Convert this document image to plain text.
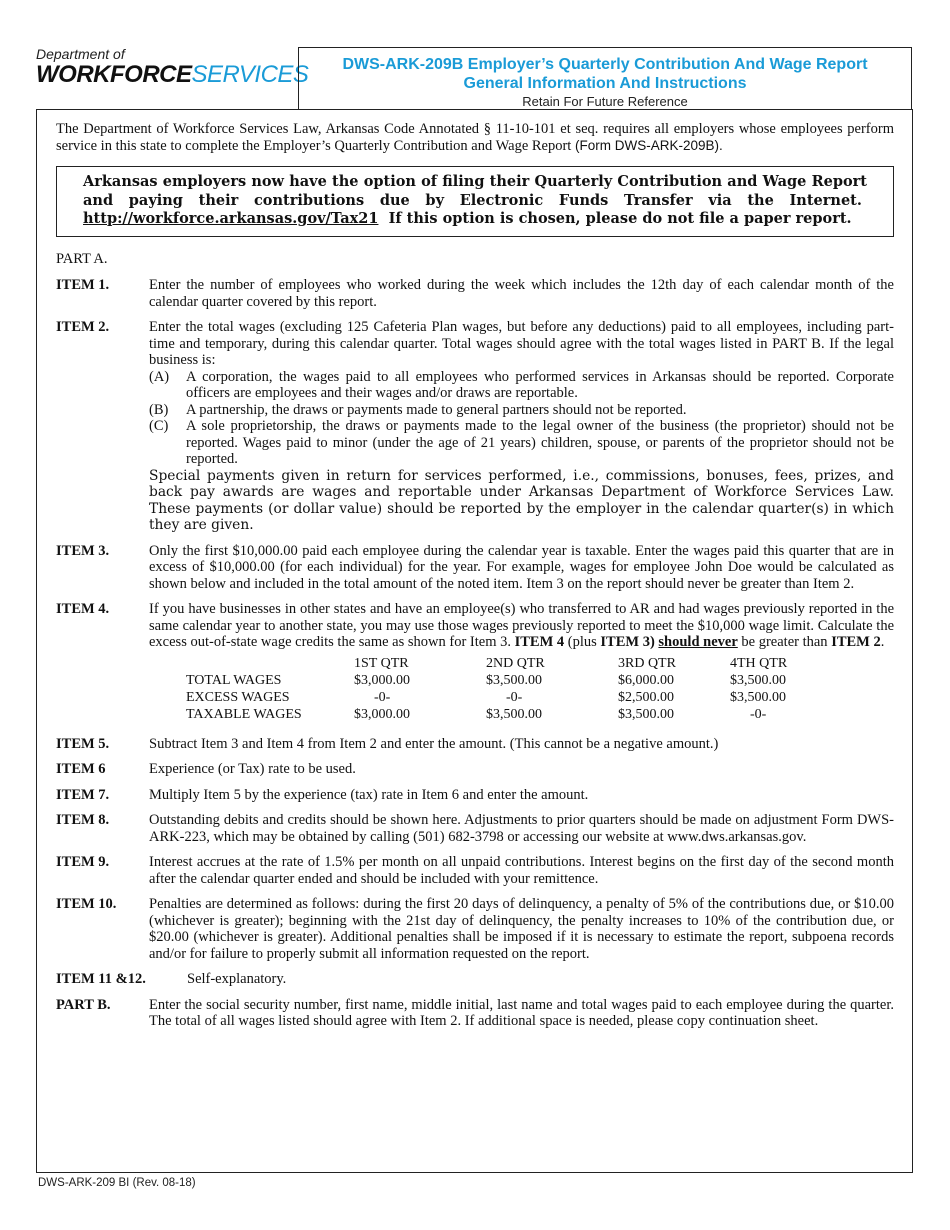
Department of
WORKFORCESERVICES	DWS-ARK-209B Employer’s Quarterly Contribution And Wage Report
General Information And Instructions
Retain For Future Reference

The Department of Workforce Services Law, Arkansas Code Annotated § 11-10-101 et seq. requires all employers whose employees perform service in this state to complete the Employer’s Quarterly Contribution and Wage Report (Form DWS-ARK-209B).

Arkansas employers now have the option of filing their Quarterly Contribution and Wage Report and paying their contributions due by Electronic Funds Transfer via the Internet.  http://workforce.arkansas.gov/Tax21 If this option is chosen, please do not file a paper report.
PART A.
ITEM 1.	Enter the number of employees who worked during the week which includes the 12th day of each calendar month of the calendar quarter covered by this report.
ITEM 2.	Enter the total wages (excluding 125 Cafeteria Plan wages, but before any deductions) paid to all employees, including part-time and temporary, during this calendar quarter. Total wages should agree with the total wages listed in PART B. If the legal business is:
(A)	A corporation, the wages paid to all employees who performed services in Arkansas should be reported. Corporate officers are employees and their wages and/or draws are reportable.
(B)	A partnership, the draws or payments made to general partners should not be reported.
(C)	A sole proprietorship, the draws or payments made to the legal owner of the business (the proprietor) should not be reported. Wages paid to minor (under the age of 21 years) children, spouse, or parents of the proprietor should not be reported.
Special payments given in return for services performed, i.e., commissions, bonuses, fees, prizes, and back pay awards are wages and reportable under Arkansas Department of Workforce Services Law. These payments (or dollar value) should be reported by the employer in the calendar quarter(s) in which they are given.
ITEM 3.	Only the first $10,000.00 paid each employee during the calendar year is taxable. Enter the wages paid this quarter that are in excess of $10,000.00 (for each individual) for the year. For example, wages for employee John Doe would be calculated as shown below and included in the total amount of the noted item. Item 3 on the report should never be greater than Item 2.
ITEM 4.	If you have businesses in other states and have an employee(s) who transferred to AR and had wages previously reported in the same calendar year to another state, you may use those wages previously reported to meet the $10,000 wage limit. Calculate the excess out-of-state wage credits the same as shown for Item 3. ITEM 4 (plus ITEM 3) should never be greater than ITEM 2.
	1ST QTR	2ND QTR	3RD QTR	4TH QTR
TOTAL WAGES	$3,000.00	$3,500.00	$6,000.00	$3,500.00
EXCESS WAGES	-0-	-0-	$2,500.00	$3,500.00
TAXABLE WAGES	$3,000.00	$3,500.00	$3,500.00	-0-
ITEM 5.	Subtract Item 3 and Item 4 from Item 2 and enter the amount. (This cannot be a negative amount.)
ITEM 6	Experience (or Tax) rate to be used.
ITEM 7.	Multiply Item 5 by the experience (tax) rate in Item 6 and enter the amount.
ITEM 8.	Outstanding debits and credits should be shown here. Adjustments to prior quarters should be made on adjustment Form DWS-ARK-223, which may be obtained by calling (501) 682-3798 or accessing our website at www.dws.arkansas.gov.
ITEM 9.	Interest accrues at the rate of 1.5% per month on all unpaid contributions. Interest begins on the first day of the second month after the calendar quarter ended and should be included with your remittence.
ITEM 10.	Penalties are determined as follows: during the first 20 days of delinquency, a penalty of 5% of the contributions due, or $10.00 (whichever is greater); beginning with the 21st day of delinquency, the penalty increases to 10% of the contribution due, or $20.00 (whichever is greater). Additional penalties shall be imposed if it is necessary to estimate the report, subpoena records and/or for failure to properly submit all information requested on the report.
ITEM 11 &12.	Self-explanatory.
PART B.	Enter the social security number, first name, middle initial, last name and total wages paid to each employee during the quarter. The total of all wages listed should agree with Item 2. If additional space is needed, please copy continuation sheet.
DWS-ARK-209 BI (Rev. 08-18)
